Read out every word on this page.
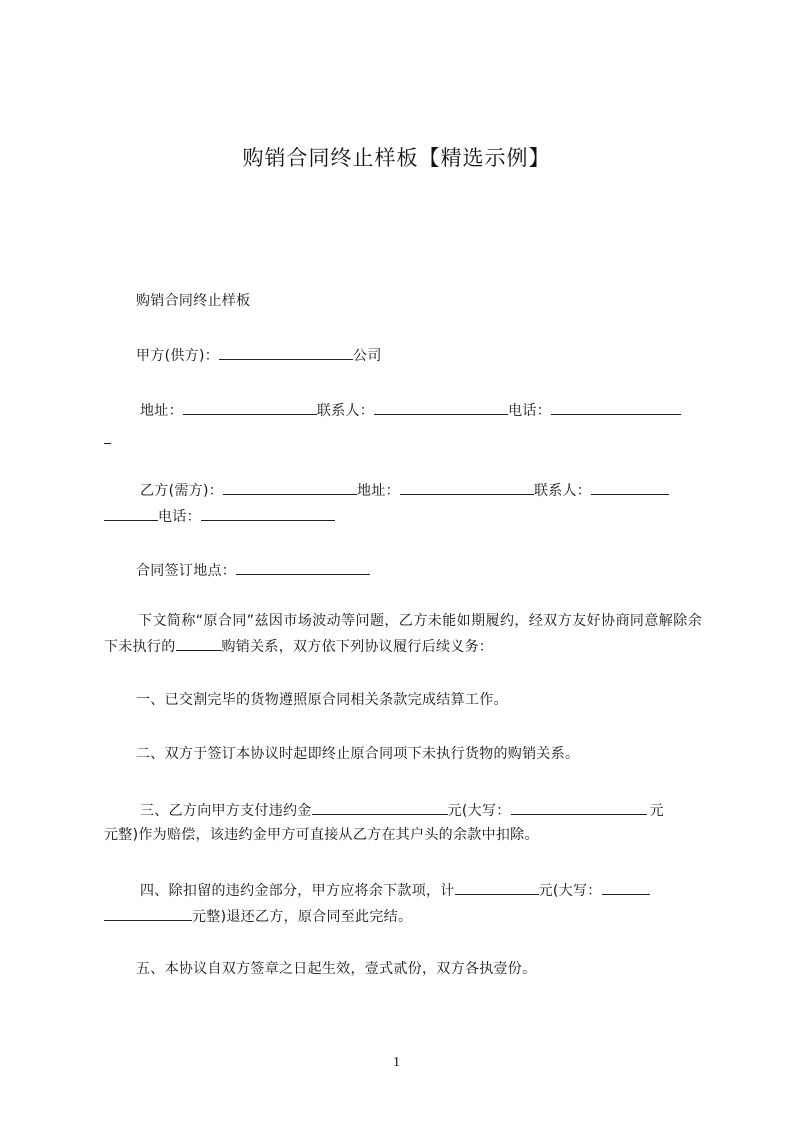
购销合同终止样板【精选示例】
购销合同终止样板
甲方(供方)：	公司
地址：	联系人：	电话：
乙方(需方)：	地址：	联系人：
电话：
合同签订地点：
下文简称“原合同”兹因市场波动等问题，乙方未能如期履约，经双方友好协商同意解除余下未执行的	购销关系，双方依下列协议履行后续义务：
一、已交割完毕的货物遵照原合同相关条款完成结算工作。
二、双方于签订本协议时起即终止原合同项下未执行货物的购销关系。
三、乙方向甲方支付违约金	元(大写：	元
元整)作为赔偿，该违约金甲方可直接从乙方在其户头的余款中扣除。
四、除扣留的违约金部分，甲方应将余下款项，计	元(大写：
元整)退还乙方，原合同至此完结。
五、本协议自双方签章之日起生效，壹式贰份，双方各执壹份。
1
